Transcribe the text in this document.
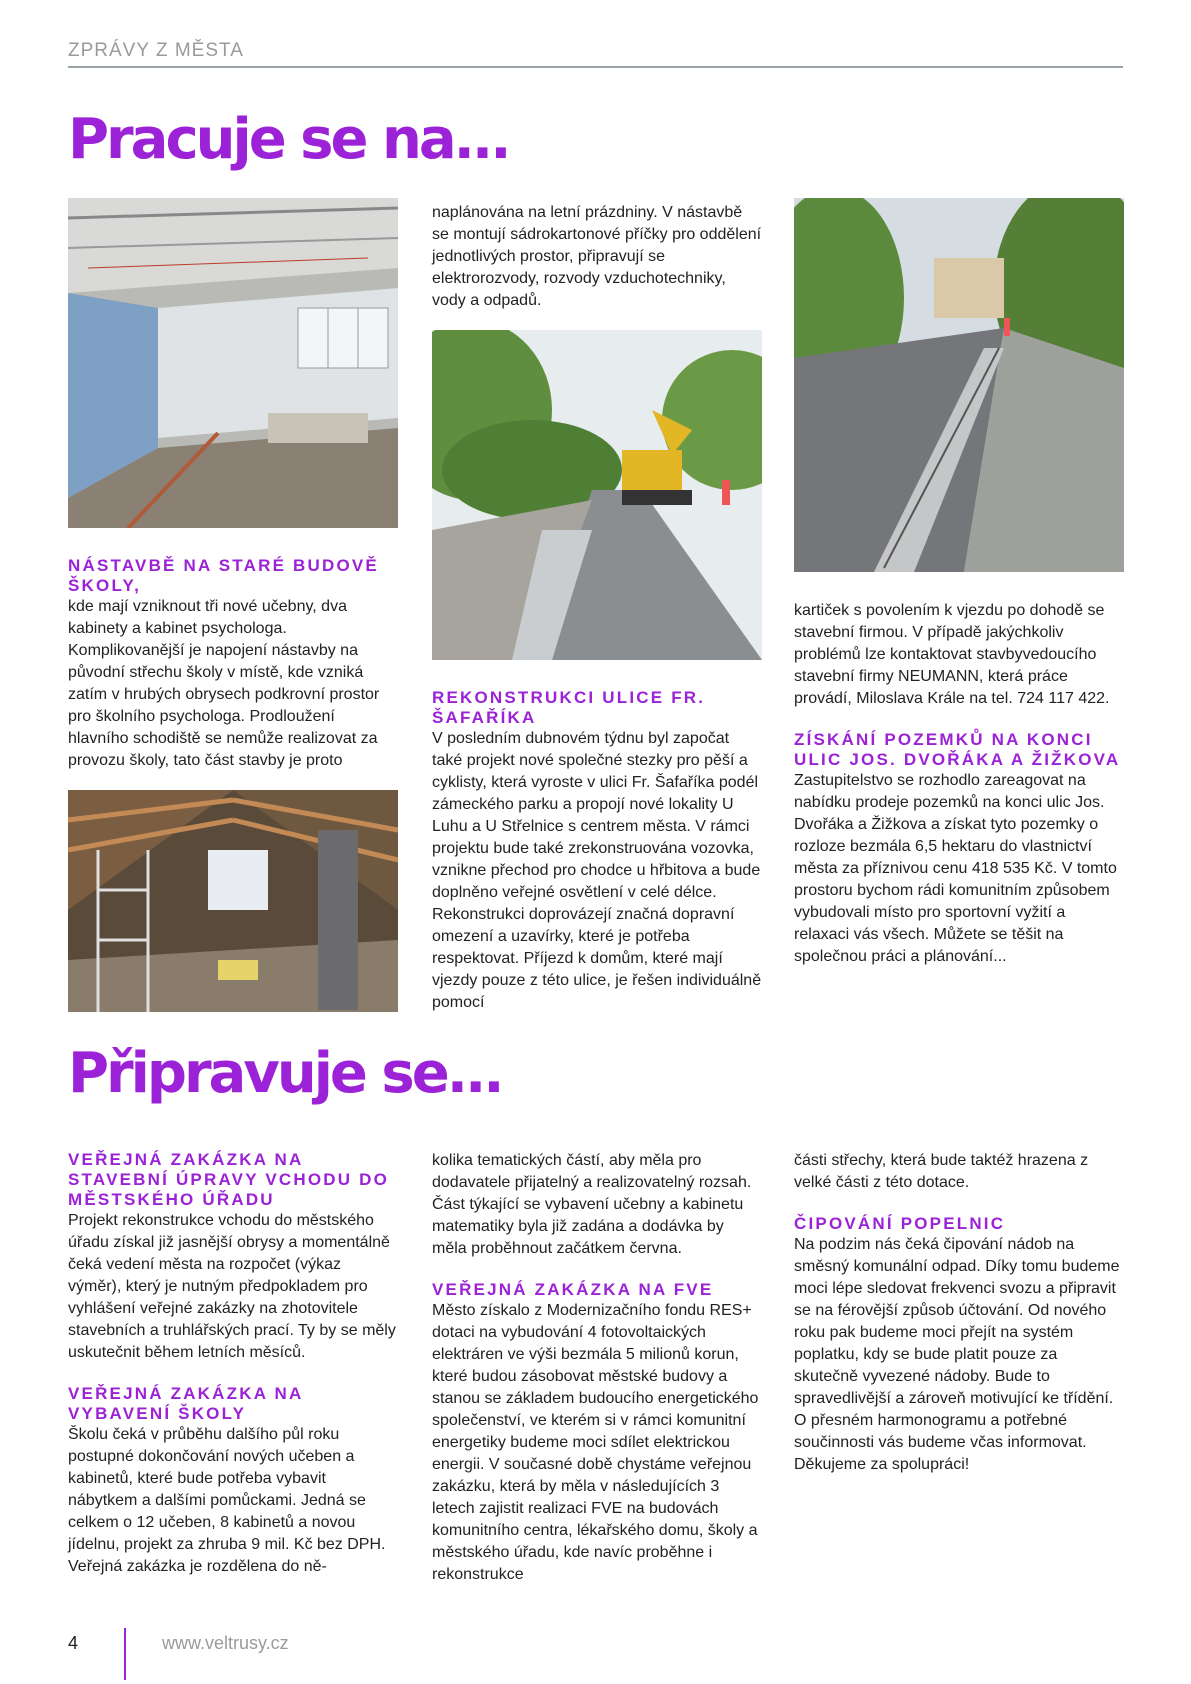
ZPRÁVY Z MĚSTA
Pracuje se na...

NÁSTAVBĚ NA STARÉ BUDOVĚ ŠKOLY,

kde mají vzniknout tři nové učebny, dva kabinety a kabinet psychologa. Komplikovanější je napojení nástavby na původní střechu školy v místě, kde vzniká zatím v hrubých obrysech podkrovní prostor pro školního psychologa. Prodloužení hlavního schodiště se nemůže realizovat za provozu školy, tato část stavby je proto

naplánována na letní prázdniny. V nástavbě se montují sádrokartonové příčky pro oddělení jednotlivých prostor, připravují se elektrorozvody, rozvody vzduchotechniky, vody a odpadů.

REKONSTRUKCI ULICE FR. ŠAFAŘÍKA

V posledním dubnovém týdnu byl započat také projekt nové společné stezky pro pěší a cyklisty, která vyroste v ulici Fr. Šafaříka podél zámeckého parku a propojí nové lokality U Luhu a U Střelnice s centrem města. V rámci projektu bude také zrekonstruována vozovka, vznikne přechod pro chodce u hřbitova a bude doplněno veřejné osvětlení v celé délce. Rekonstrukci doprovázejí značná dopravní omezení a uzavírky, které je potřeba respektovat. Příjezd k domům, které mají vjezdy pouze z této ulice, je řešen individuálně pomocí

kartiček s povolením k vjezdu po dohodě se stavební firmou. V případě jakýchkoliv problémů lze kontaktovat stavbyvedoucího stavební firmy NEUMANN, která práce provádí, Miloslava Krále na tel. 724 117 422.

ZÍSKÁNÍ POZEMKŮ NA KONCI ULIC JOS. DVOŘÁKA A ŽIŽKOVA

Zastupitelstvo se rozhodlo zareagovat na nabídku prodeje pozemků na konci ulic Jos. Dvořáka a Žižkova a získat tyto pozemky o rozloze bezmála 6,5 hektaru do vlastnictví města za příznivou cenu 418 535 Kč. V tomto prostoru bychom rádi komunitním způsobem vybudovali místo pro sportovní vyžití a relaxaci vás všech. Můžete se těšit na společnou práci a plánování...

Připravuje se...

VEŘEJNÁ ZAKÁZKA NA STAVEBNÍ ÚPRAVY VCHODU DO MĚSTSKÉHO ÚŘADU

Projekt rekonstrukce vchodu do městského úřadu získal již jasnější obrysy a momentálně čeká vedení města na rozpočet (výkaz výměr), který je nutným předpokladem pro vyhlášení veřejné zakázky na zhotovitele stavebních a truhlářských prací. Ty by se měly uskutečnit během letních měsíců.

VEŘEJNÁ ZAKÁZKA NA VYBAVENÍ ŠKOLY

Školu čeká v průběhu dalšího půl roku postupné dokončování nových učeben a kabinetů, které bude potřeba vybavit nábytkem a dalšími pomůckami. Jedná se celkem o 12 učeben, 8 kabinetů a novou jídelnu, projekt za zhruba 9 mil. Kč bez DPH. Veřejná zakázka je rozdělena do ně-

kolika tematických částí, aby měla pro dodavatele přijatelný a realizovatelný rozsah. Část týkající se vybavení učebny a kabinetu matematiky byla již zadána a dodávka by měla proběhnout začátkem června.

VEŘEJNÁ ZAKÁZKA NA FVE

Město získalo z Modernizačního fondu RES+ dotaci na vybudování 4 fotovoltaických elektráren ve výši bezmála 5 milionů korun, které budou zásobovat městské budovy a stanou se základem budoucího energetického společenství, ve kterém si v rámci komunitní energetiky budeme moci sdílet elektrickou energii. V současné době chystáme veřejnou zakázku, která by měla v následujících 3 letech zajistit realizaci FVE na budovách komunitního centra, lékařského domu, školy a městského úřadu, kde navíc proběhne i rekonstrukce

části střechy, která bude taktéž hrazena z velké části z této dotace.

ČIPOVÁNÍ POPELNIC

Na podzim nás čeká čipování nádob na směsný komunální odpad. Díky tomu budeme moci lépe sledovat frekvenci svozu a připravit se na férovější způsob účtování. Od nového roku pak budeme moci přejít na systém poplatku, kdy se bude platit pouze za skutečně vyvezené nádoby. Bude to spravedlivější a zároveň motivující ke třídění. O přesném harmonogramu a potřebné součinnosti vás budeme včas informovat. Děkujeme za spolupráci!

4	www.veltrusy.cz
